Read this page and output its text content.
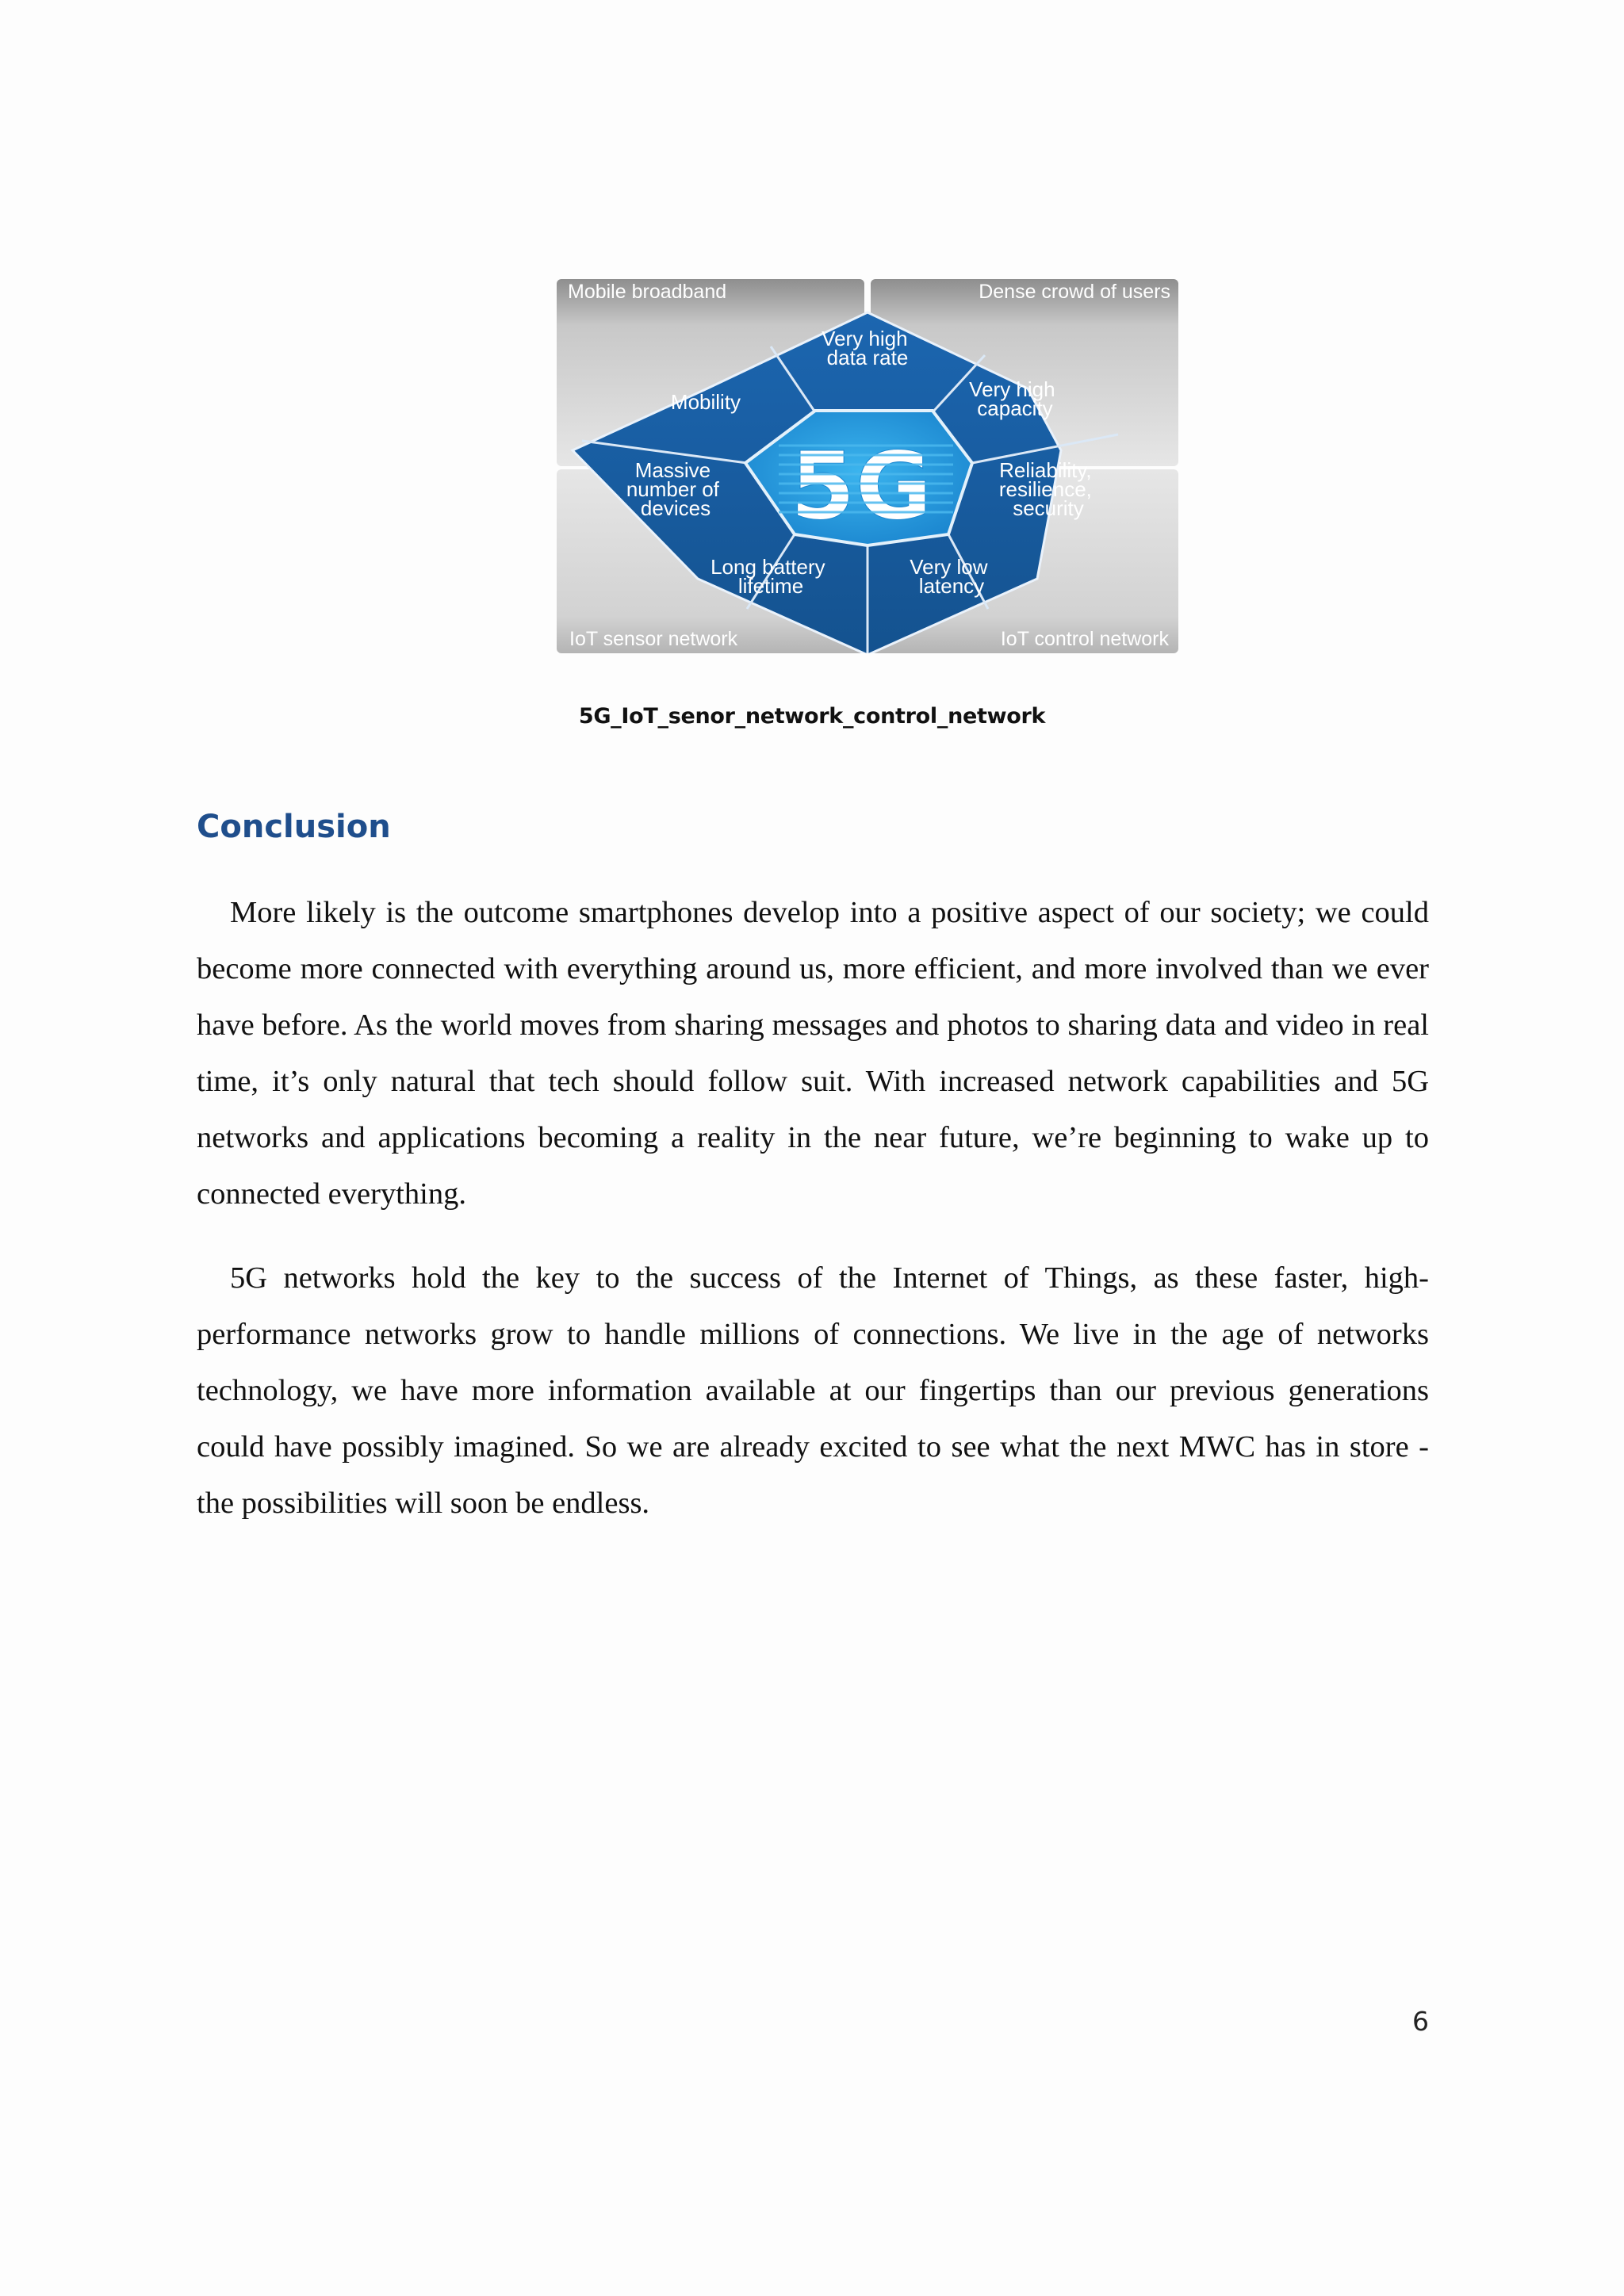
5G
Mobile broadband	Dense crowd of users
IoT sensor network	IoT control network
Very high data rate
Very high capacity
Reliability, resilience, security
Very low latency
Long battery lifetime
Massive number of devices
Mobility
5G_IoT_senor_network_control_network
Conclusion

More likely is the outcome smartphones develop into a positive aspect of our society; we could become more connected with everything around us, more efficient, and more involved than we ever have before. As the world moves from sharing messages and photos to sharing data and video in real time, it’s only natural that tech should follow suit. With increased network capabilities and 5G networks and applications becoming a reality in the near future, we’re beginning to wake up to connected everything.

5G networks hold the key to the success of the Internet of Things, as these faster, high-performance networks grow to handle millions of connections. We live in the age of networks technology, we have more information available at our fingertips than our previous generations could have possibly imagined. So we are already excited to see what the next MWC has in store - the possibilities will soon be endless.

6
